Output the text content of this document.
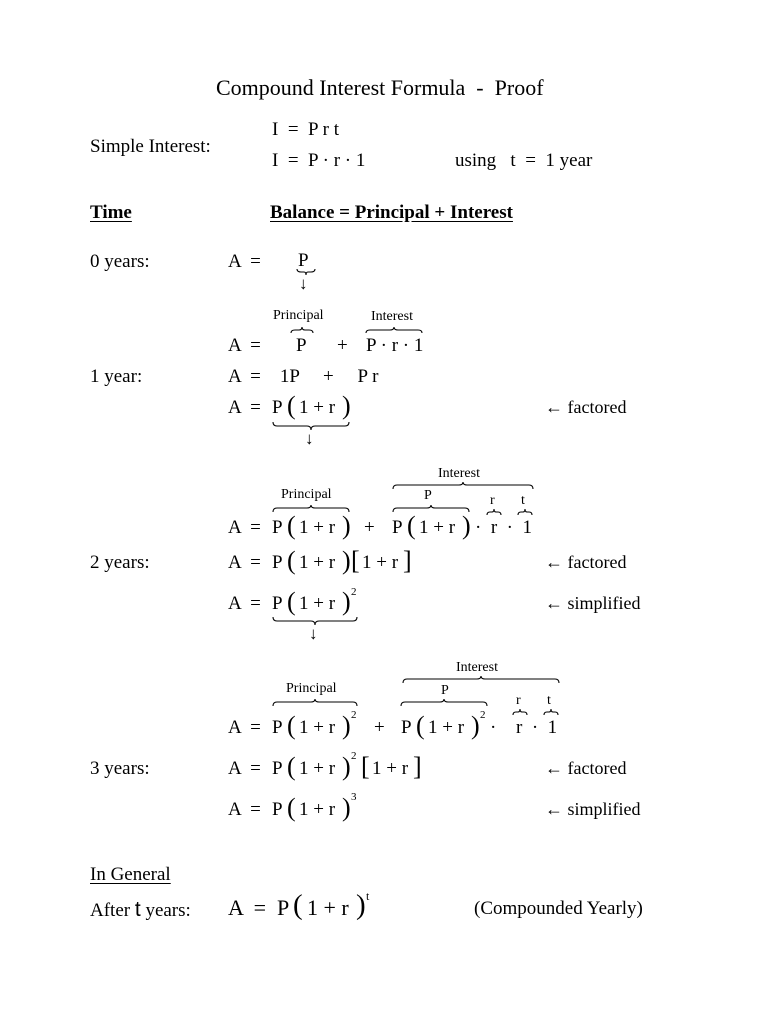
Compound Interest Formula  -  Proof
Simple Interest:
I  =  P r t
I  =  P · r · 1	using   t  =  1 year
Time	Balance = Principal + Interest
0 years:	A  = P
↓
Principal	Interest
A  = P + P · r · 1
1 year:	A  =    1P     +     P r
A  = P ( 1 + r )	← factored
↓
Interest
Principal	P	r t
A  = P ( 1 + r ) + P ( 1 + r ) ·  r  ·  1
2 years:	A  = P ( 1 + r ) [ 1 + r ]	← factored
A  = P ( 1 + r ) 2
← simplified
↓
Interest
Principal	P
r t
A  = P ( 1 + r ) 2
+ P ( 1 + r ) 2
· r  ·  1
3 years:	A  = P ( 1 + r ) 2 [ 1 + r ]	← factored
A  = P ( 1 + r ) 3
← simplified
In General
After t years: A  = P ( 1 + r ) t
(Compounded Yearly)
